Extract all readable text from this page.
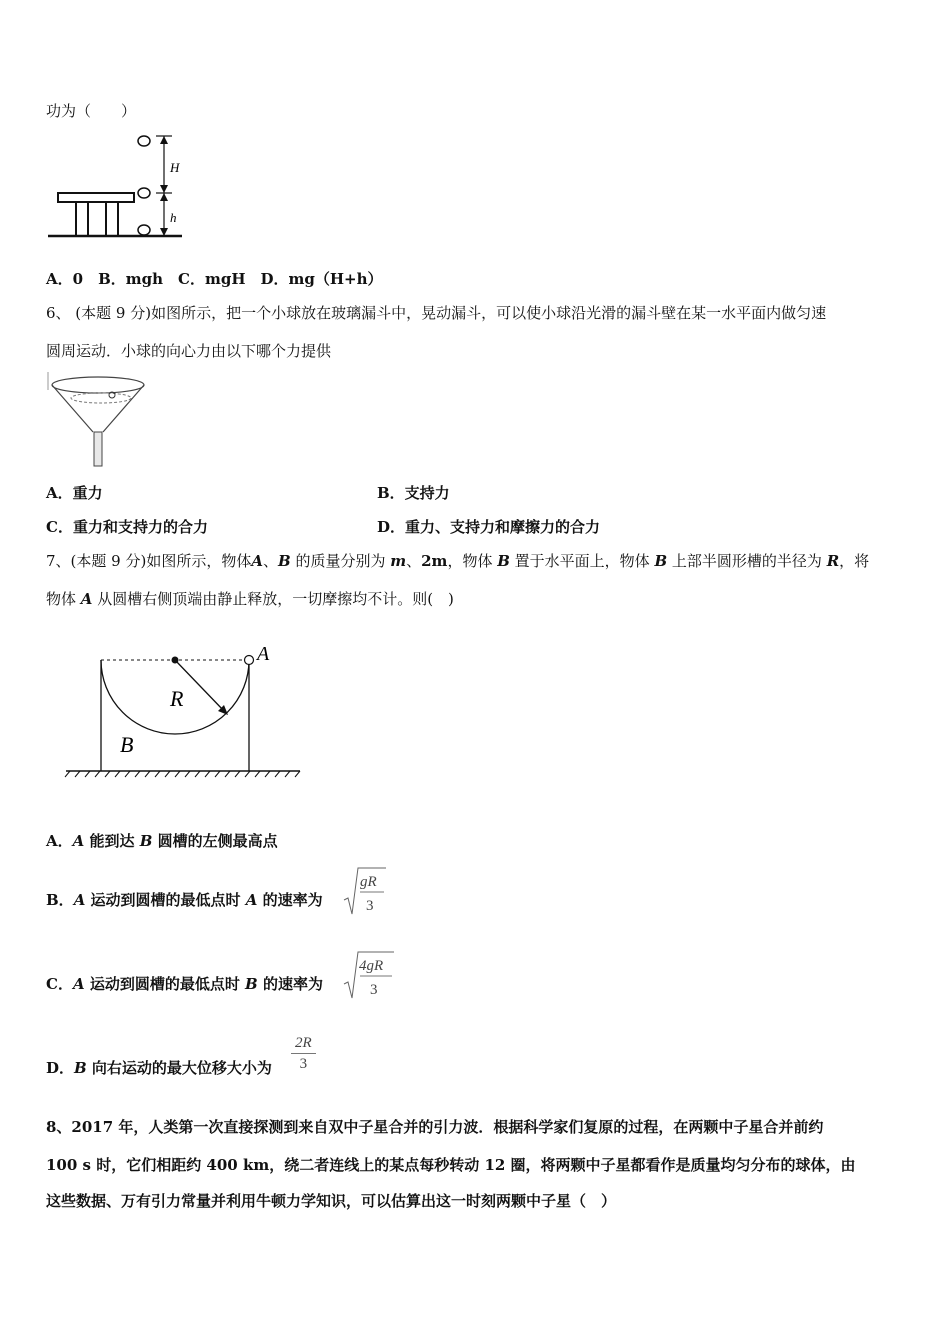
功为（　　）
H
h
A．0　B．mgh　C．mgH　D．mg（H+h）
6、 (本题 9 分)如图所示，把一个小球放在玻璃漏斗中，晃动漏斗，可以使小球沿光滑的漏斗壁在某一水平面内做匀速
圆周运动．小球的向心力由以下哪个力提供
A．重力	B．支持力
C．重力和支持力的合力	D．重力、支持力和摩擦力的合力
7、(本题 9 分)如图所示，物体A、B 的质量分别为 m、2m，物体 B 置于水平面上，物体 B 上部半圆形槽的半径为 R，将
物体 A 从圆槽右侧顶端由静止释放，一切摩擦均不计。则(　)
A
R
B
A．A 能到达 B 圆槽的左侧最高点
B．A 运动到圆槽的最低点时 A 的速率为
gR
3
C．A 运动到圆槽的最低点时 B 的速率为
4gR
3
D．B 向右运动的最大位移大小为 $\frac{2R}{3}$
8、2017 年，人类第一次直接探测到来自双中子星合并的引力波．根据科学家们复原的过程，在两颗中子星合并前约
100 s 时，它们相距约 400 km，绕二者连线上的某点每秒转动 12 圈，将两颗中子星都看作是质量均匀分布的球体，由
这些数据、万有引力常量并利用牛顿力学知识，可以估算出这一时刻两颗中子星（　）
